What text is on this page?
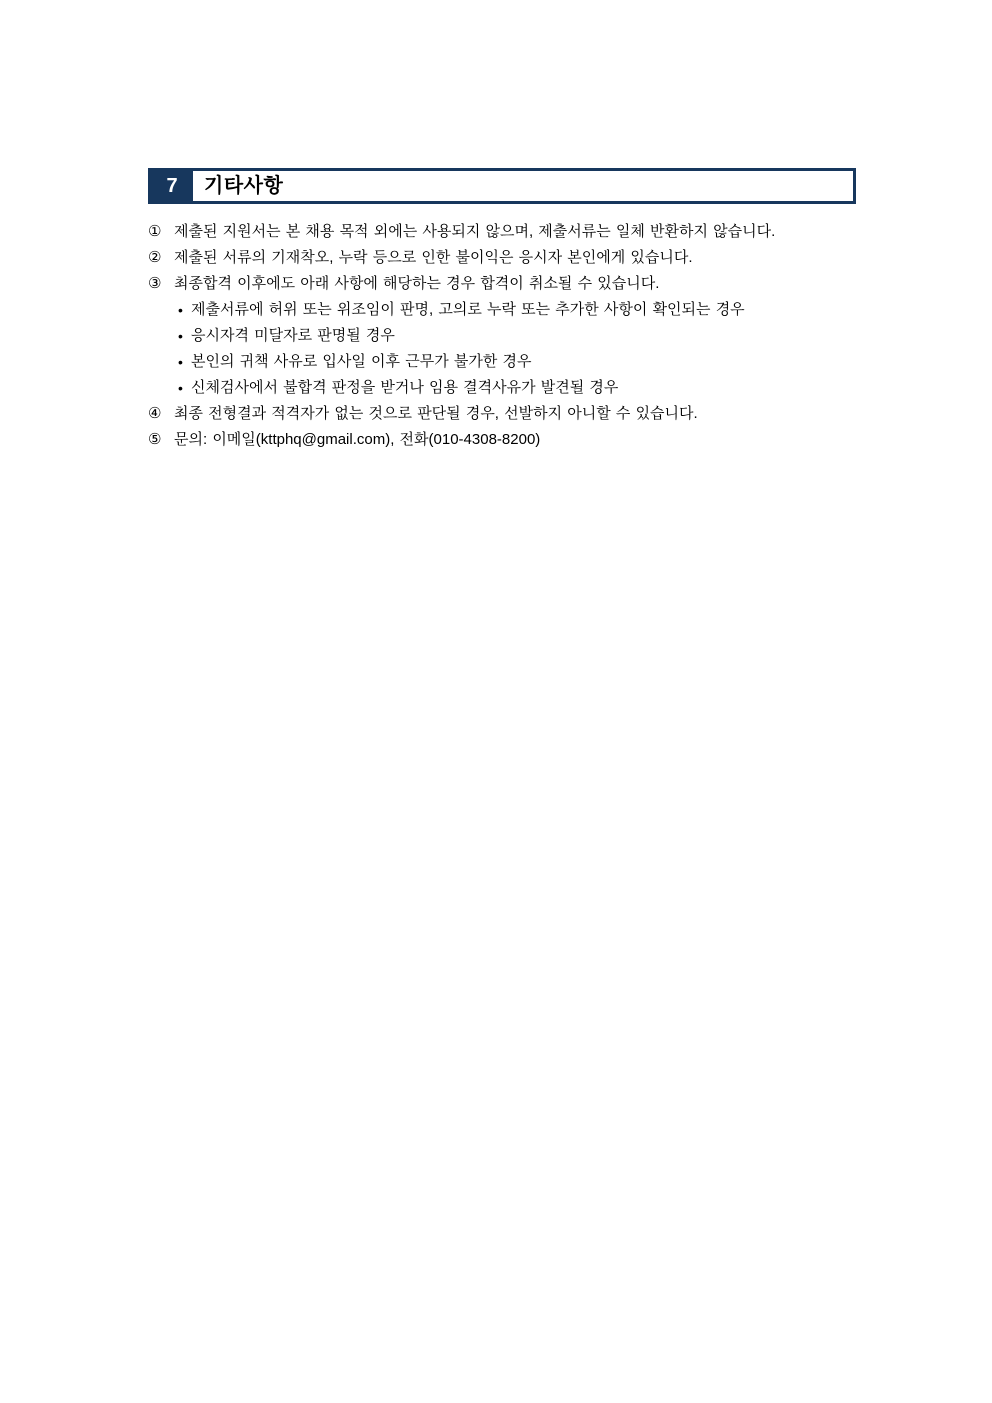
7	기타사항
① 제출된 지원서는 본 채용 목적 외에는 사용되지 않으며, 제출서류는 일체 반환하지 않습니다.
② 제출된 서류의 기재착오, 누락 등으로 인한 불이익은 응시자 본인에게 있습니다.
③ 최종합격 이후에도 아래 사항에 해당하는 경우 합격이 취소될 수 있습니다.
• 제출서류에 허위 또는 위조임이 판명, 고의로 누락 또는 추가한 사항이 확인되는 경우
• 응시자격 미달자로 판명될 경우
• 본인의 귀책 사유로 입사일 이후 근무가 불가한 경우
• 신체검사에서 불합격 판정을 받거나 임용 결격사유가 발견될 경우
④ 최종 전형결과 적격자가 없는 것으로 판단될 경우, 선발하지 아니할 수 있습니다.
⑤ 문의: 이메일(kttphq@gmail.com), 전화(010-4308-8200)
